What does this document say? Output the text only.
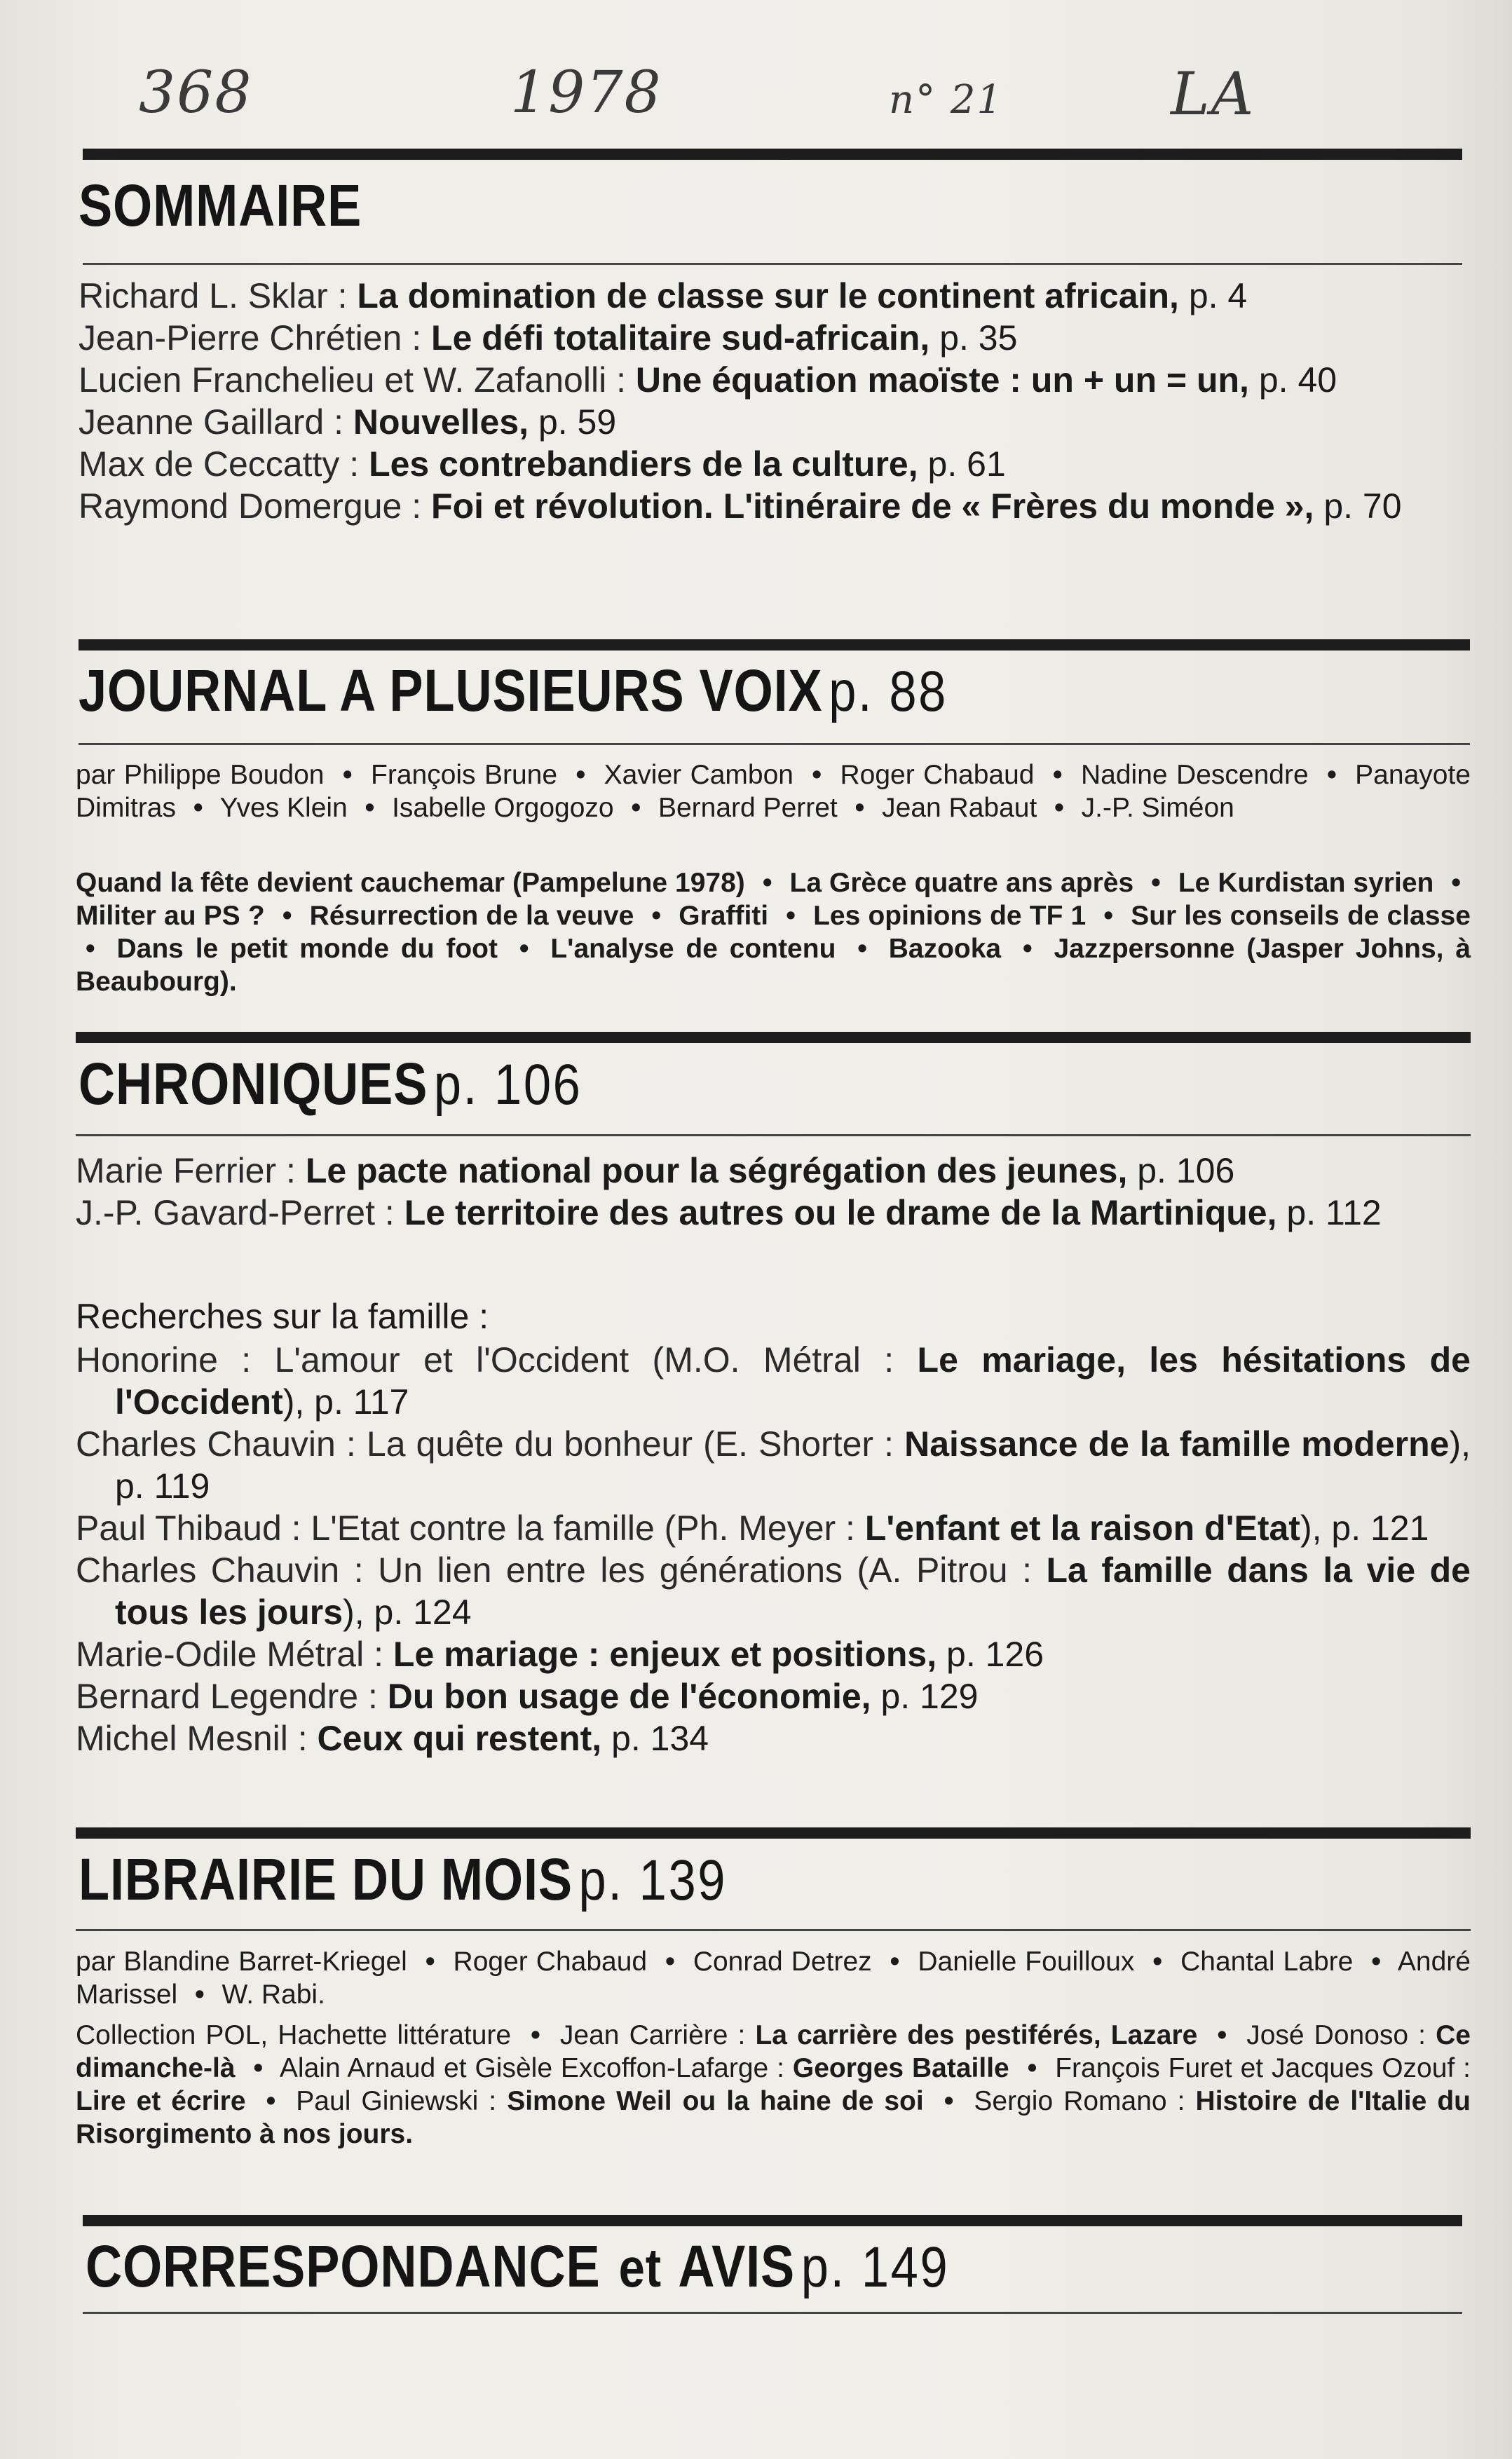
368	1978	n° 21	LA
SOMMAIRE

Richard L. Sklar : La domination de classe sur le continent africain, p. 4

Jean-Pierre Chrétien : Le défi totalitaire sud-africain, p. 35

Lucien Franchelieu et W. Zafanolli : Une équation maoïste : un + un = un, p. 40

Jeanne Gaillard : Nouvelles, p. 59

Max de Ceccatty : Les contrebandiers de la culture, p. 61

Raymond Domergue : Foi et révolution. L'itinéraire de « Frères du monde », p. 70

JOURNAL A PLUSIEURS VOIX p. 88
par Philippe Boudon • François Brune • Xavier Cambon • Roger Chabaud • Nadine Descendre • Panayote Dimitras • Yves Klein • Isabelle Orgogozo • Bernard Perret • Jean Rabaut • J.-P. Siméon
Quand la fête devient cauchemar (Pampelune 1978) • La Grèce quatre ans après • Le Kurdistan syrien • Militer au PS ? • Résurrection de la veuve • Graffiti • Les opinions de TF 1 • Sur les conseils de classe • Dans le petit monde du foot • L'analyse de contenu • Bazooka • Jazzpersonne (Jasper Johns, à Beaubourg).
CHRONIQUES p. 106

Marie Ferrier : Le pacte national pour la ségrégation des jeunes, p. 106

J.-P. Gavard-Perret : Le territoire des autres ou le drame de la Martinique, p. 112

Recherches sur la famille :

Honorine : L'amour et l'Occident (M.O. Métral : Le mariage, les hésitations de l'Occident), p. 117

Charles Chauvin : La quête du bonheur (E. Shorter : Naissance de la famille moderne), p. 119

Paul Thibaud : L'Etat contre la famille (Ph. Meyer : L'enfant et la raison d'Etat), p. 121

Charles Chauvin : Un lien entre les générations (A. Pitrou : La famille dans la vie de tous les jours), p. 124

Marie-Odile Métral : Le mariage : enjeux et positions, p. 126

Bernard Legendre : Du bon usage de l'économie, p. 129

Michel Mesnil : Ceux qui restent, p. 134

LIBRAIRIE DU MOIS p. 139
par Blandine Barret-Kriegel • Roger Chabaud • Conrad Detrez • Danielle Fouilloux • Chantal Labre • André Marissel • W. Rabi.
Collection POL, Hachette littérature • Jean Carrière : La carrière des pestiférés, Lazare • José Donoso : Ce dimanche-là • Alain Arnaud et Gisèle Excoffon-Lafarge : Georges Bataille • François Furet et Jacques Ozouf : Lire et écrire • Paul Giniewski : Simone Weil ou la haine de soi • Sergio Romano : Histoire de l'Italie du Risorgimento à nos jours.
CORRESPONDANCE et AVIS p. 149
